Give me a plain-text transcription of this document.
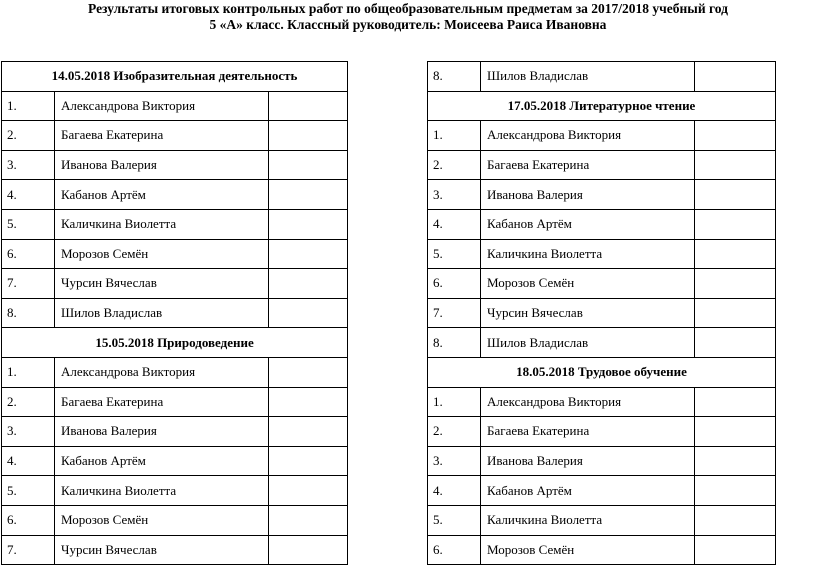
Результаты итоговых контрольных работ по общеобразовательным предметам за 2017/2018 учебный год
5 «А» класс. Классный руководитель: Моисеева Раиса Ивановна
14.05.2018 Изобразительная деятельность		
1.	Александрова Виктория	
2.	Багаева Екатерина	
3.	Иванова Валерия	
4.	Кабанов Артём	
5.	Каличкина Виолетта	
6.	Морозов Семён	
7.	Чурсин Вячеслав	
8.	Шилов Владислав	
15.05.2018 Природоведение		
1.	Александрова Виктория	
2.	Багаева Екатерина	
3.	Иванова Валерия	
4.	Кабанов Артём	
5.	Каличкина Виолетта	
6.	Морозов Семён	
7.	Чурсин Вячеслав	
8.	Шилов Владислав	
17.05.2018 Литературное чтение		
1.	Александрова Виктория	
2.	Багаева Екатерина	
3.	Иванова Валерия	
4.	Кабанов Артём	
5.	Каличкина Виолетта	
6.	Морозов Семён	
7.	Чурсин Вячеслав	
8.	Шилов Владислав	
18.05.2018 Трудовое обучение		
1.	Александрова Виктория	
2.	Багаева Екатерина	
3.	Иванова Валерия	
4.	Кабанов Артём	
5.	Каличкина Виолетта	
6.	Морозов Семён	
